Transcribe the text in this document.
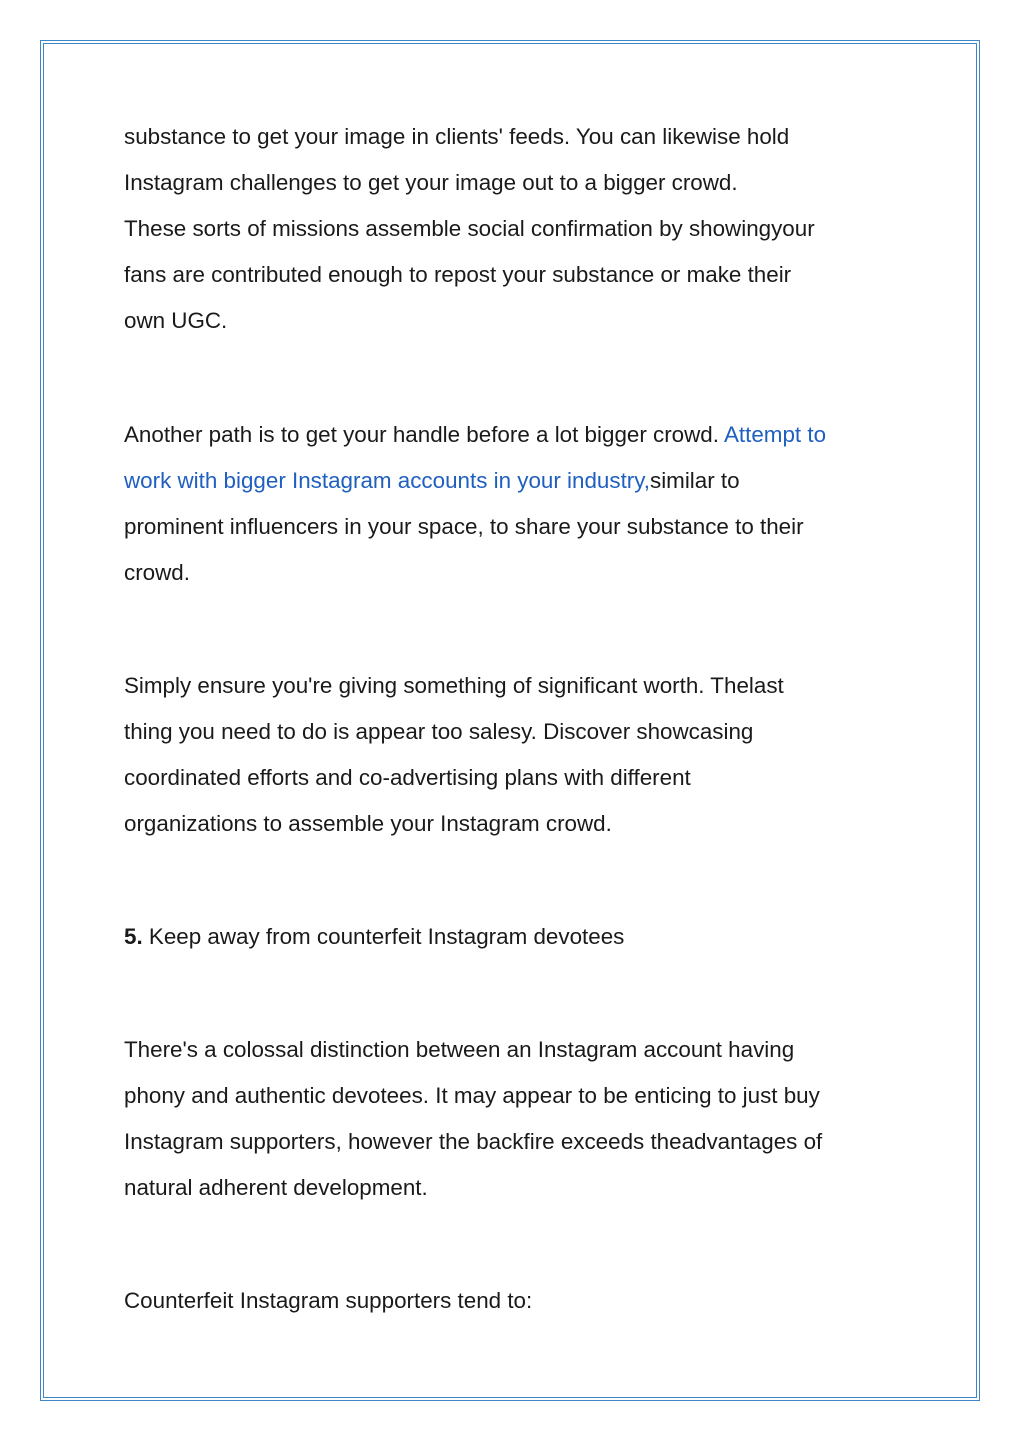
substance to get your image in clients' feeds. You can likewise hold
Instagram challenges to get your image out to a bigger crowd.
These sorts of missions assemble social confirmation by showingyour
fans are contributed enough to repost your substance or make their
own UGC.

Another path is to get your handle before a lot bigger crowd. Attempt to
work with bigger Instagram accounts in your industry,similar to
prominent influencers in your space, to share your substance to their
crowd.

Simply ensure you're giving something of significant worth. Thelast
thing you need to do is appear too salesy. Discover showcasing
coordinated efforts and co-advertising plans with different
organizations to assemble your Instagram crowd.

5. Keep away from counterfeit Instagram devotees

There's a colossal distinction between an Instagram account having
phony and authentic devotees. It may appear to be enticing to just buy
Instagram supporters, however the backfire exceeds theadvantages of
natural adherent development.

Counterfeit Instagram supporters tend to:
